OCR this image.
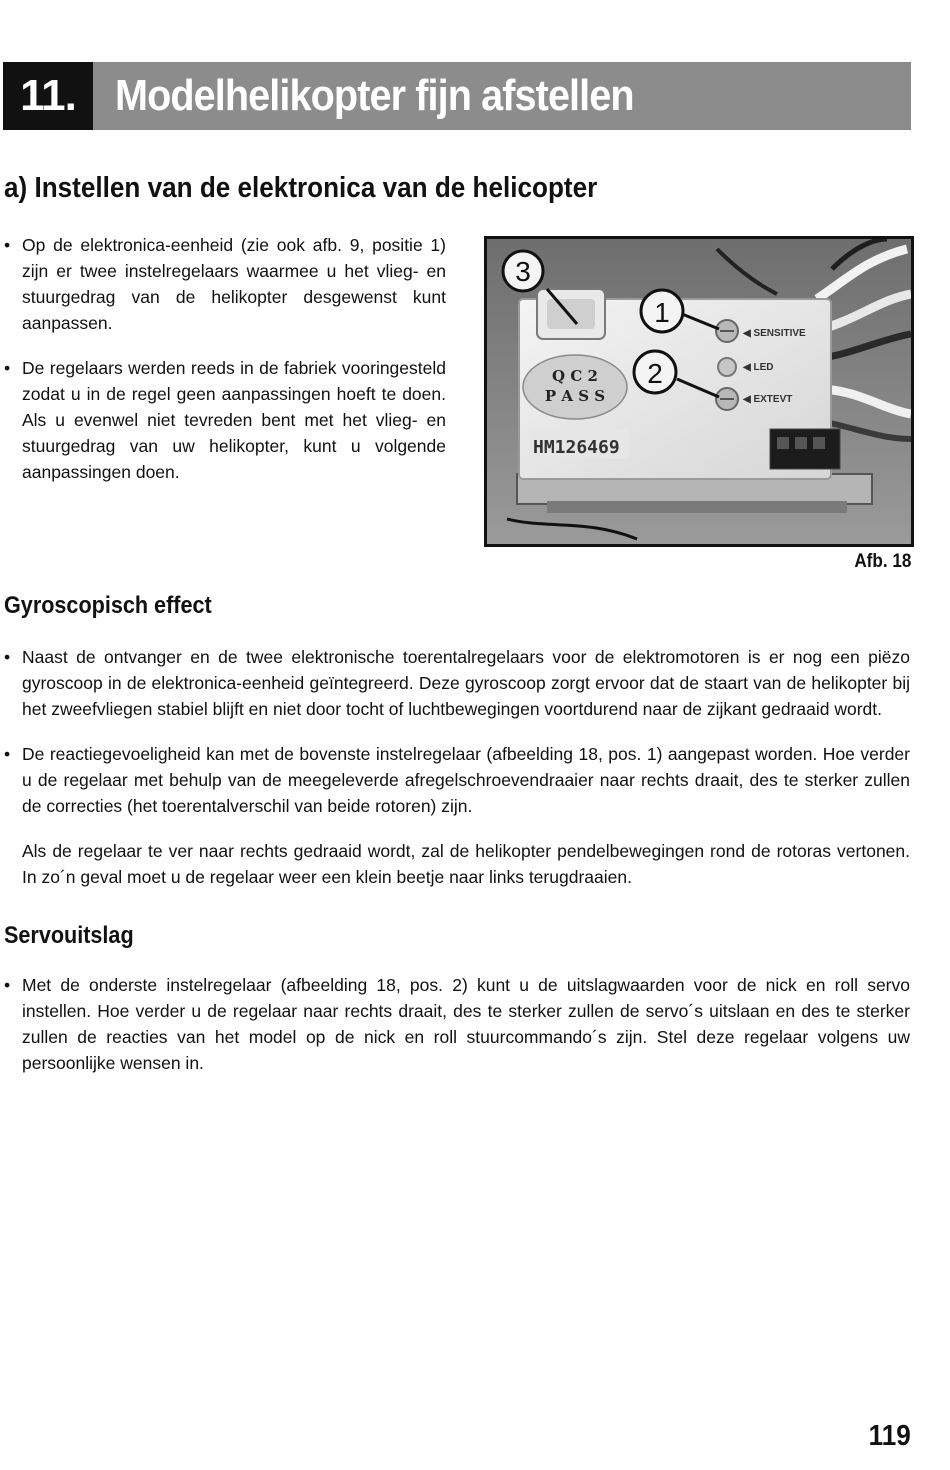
11. Modelhelikopter fijn afstellen
a) Instellen van de elektronica van de helicopter
• Op de elektronica-eenheid (zie ook afb. 9, positie 1) zijn er twee instelregelaars waarmee u het vlieg- en stuurgedrag van de helikopter desgewenst kunt aanpassen.
• De regelaars werden reeds in de fabriek vooringesteld zodat u in de regel geen aanpassingen hoeft te doen. Als u evenwel niet tevreden bent met het vlieg- en stuurgedrag van uw helikopter, kunt u volgende aanpassingen doen.
Q C 2
P A S S
HM126469
◀ SENSITIVE
◀ LED
◀ EXTEVT
3
1
2
Afb. 18
Gyroscopisch effect
• Naast de ontvanger en de twee elektronische toerentalregelaars voor de elektromotoren is er nog een piëzo gyroscoop in de elektronica-eenheid geïntegreerd. Deze gyroscoop zorgt ervoor dat de staart van de helikopter bij het zweefvliegen stabiel blijft en niet door tocht of luchtbewegingen voortdurend naar de zijkant gedraaid wordt.
• De reactiegevoeligheid kan met de bovenste instelregelaar (afbeelding 18, pos. 1) aangepast worden. Hoe verder u de regelaar met behulp van de meegeleverde afregelschroevendraaier naar rechts draait, des te sterker zullen de correcties (het toerentalverschil van beide rotoren) zijn.

Als de regelaar te ver naar rechts gedraaid wordt, zal de helikopter pendelbewegingen rond de rotoras vertonen. In zo´n geval moet u de regelaar weer een klein beetje naar links terugdraaien.

Servouitslag
• Met de onderste instelregelaar (afbeelding 18, pos. 2) kunt u de uitslagwaarden voor de nick en roll servo instellen. Hoe verder u de regelaar naar rechts draait, des te sterker zullen de servo´s uitslaan en des te sterker zullen de reacties van het model op de nick en roll stuurcommando´s zijn. Stel deze regelaar volgens uw persoonlijke wensen in.
119
